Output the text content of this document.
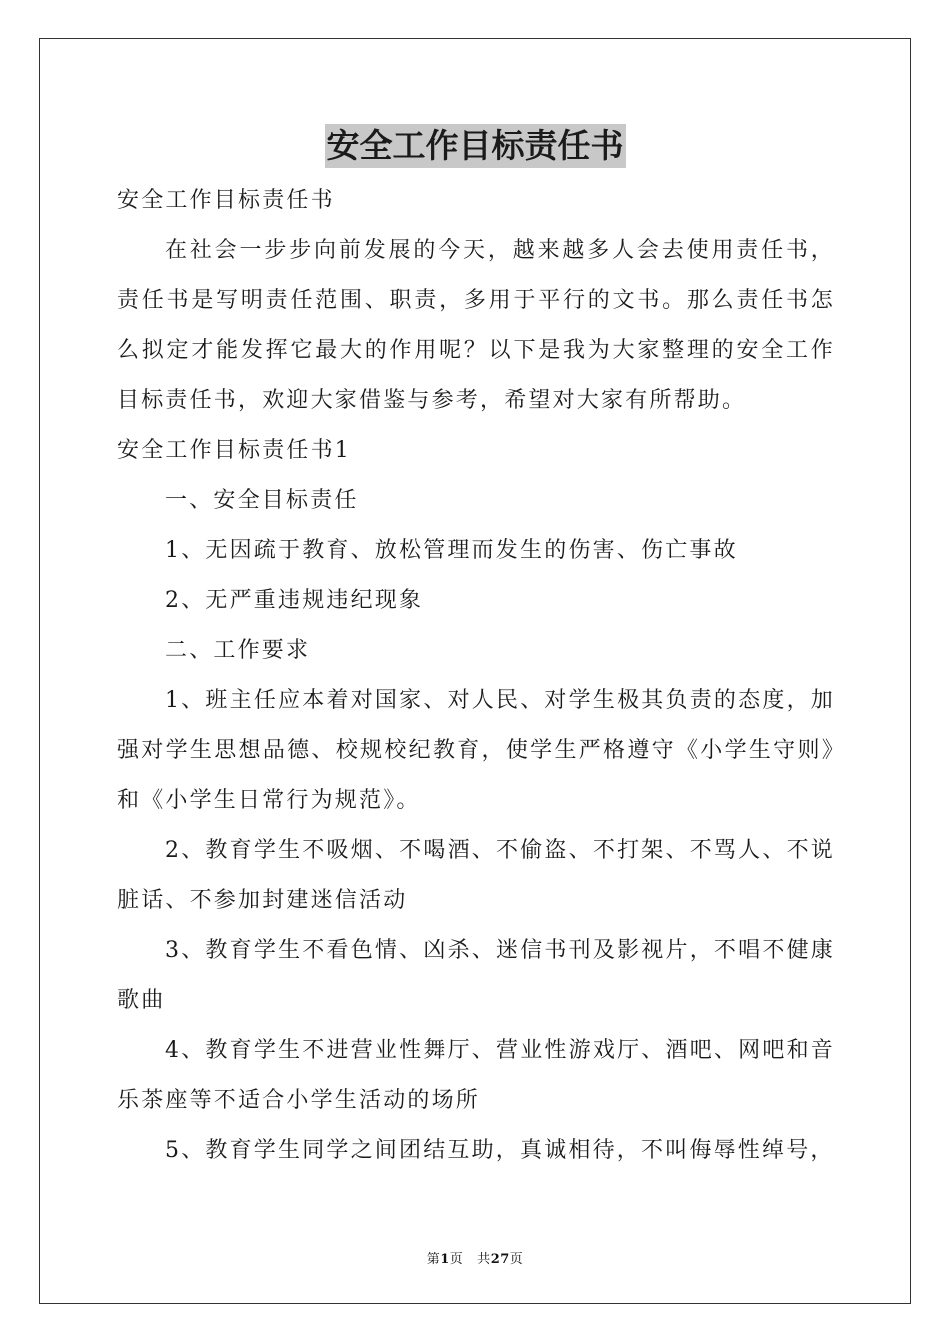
安全工作目标责任书

安全工作目标责任书

在社会一步步向前发展的今天，越来越多人会去使用责任书，责任书是写明责任范围、职责，多用于平行的文书。那么责任书怎么拟定才能发挥它最大的作用呢？以下是我为大家整理的安全工作目标责任书，欢迎大家借鉴与参考，希望对大家有所帮助。

安全工作目标责任书1

一、安全目标责任

1、无因疏于教育、放松管理而发生的伤害、伤亡事故

2、无严重违规违纪现象

二、工作要求

1、班主任应本着对国家、对人民、对学生极其负责的态度，加强对学生思想品德、校规校纪教育，使学生严格遵守《小学生守则》和《小学生日常行为规范》。

2、教育学生不吸烟、不喝酒、不偷盗、不打架、不骂人、不说脏话、不参加封建迷信活动

3、教育学生不看色情、凶杀、迷信书刊及影视片，不唱不健康歌曲

4、教育学生不进营业性舞厅、营业性游戏厅、酒吧、网吧和音乐茶座等不适合小学生活动的场所

5、教育学生同学之间团结互助，真诚相待，不叫侮辱性绰号，

第1页 共27页
